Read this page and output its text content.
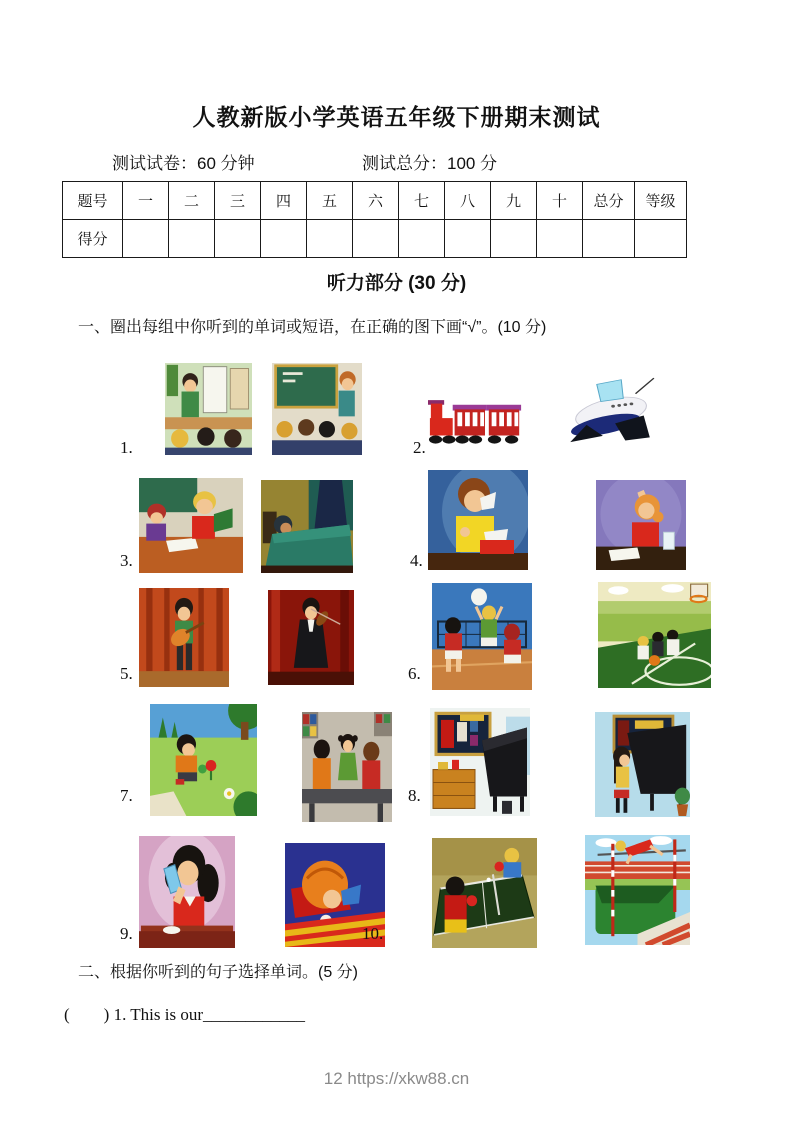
人教新版小学英语五年级下册期末测试
测试试卷：60 分钟	测试总分：100 分
题号	一	二	三	四	五	六	七	八	九	十	总分	等级
得分												
听力部分 (30 分)
一、圈出每组中你听到的单词或短语，在正确的图下画“√”。(10 分)
1.	2.
3.	4.
5.	6.
7.	8.
9.	10.
二、根据你听到的句子选择单词。(5 分)
(        ) 1. This is our____________
12 https://xkw88.cn
